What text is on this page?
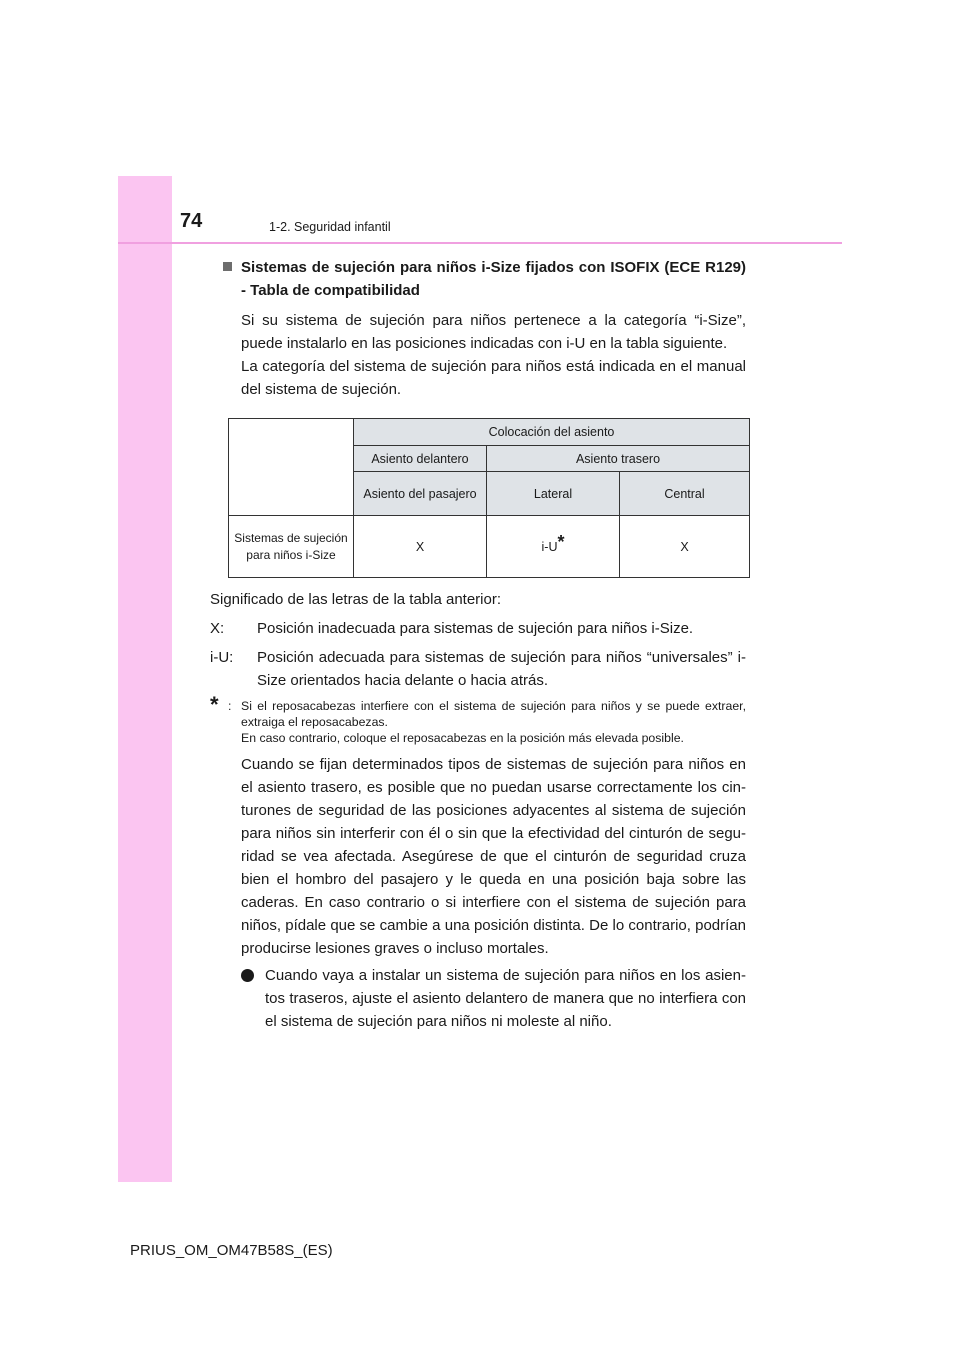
74	1-2. Seguridad infantil
Sistemas de sujeción para niños i-Size fijados con ISOFIX (ECE R129) - Tabla de compatibilidad

Si su sistema de sujeción para niños pertenece a la categoría “i-Size”, puede instalarlo en las posiciones indicadas con i-U en la tabla siguiente.

La categoría del sistema de sujeción para niños está indicada en el manual del sistema de sujeción.

	Colocación del asiento		
	Asiento delantero	Asiento trasero	
	Asiento del pasajero	Lateral	Central
Sistemas de sujeción para niños i-Size	X	i-U*	X

Significado de las letras de la tabla anterior:

X:	Posición inadecuada para sistemas de sujeción para niños i-Size.
i-U:	Posición adecuada para sistemas de sujeción para niños “universales” i-Size orientados hacia delante o hacia atrás.
* : Si el reposacabezas interfiere con el sistema de sujeción para niños y se puede extraer, extraiga el reposacabezas.

En caso contrario, coloque el reposacabezas en la posición más elevada posible.

Cuando se fijan determinados tipos de sistemas de sujeción para niños en el asiento trasero, es posible que no puedan usarse correctamente los cin- turones de seguridad de las posiciones adyacentes al sistema de sujeción para niños sin interferir con él o sin que la efectividad del cinturón de segu- ridad se vea afectada. Asegúrese de que el cinturón de seguridad cruza bien el hombro del pasajero y le queda en una posición baja sobre las caderas. En caso contrario o si interfiere con el sistema de sujeción para niños, pídale que se cambie a una posición distinta. De lo contrario, podrían producirse lesiones graves o incluso mortales.

Cuando vaya a instalar un sistema de sujeción para niños en los asien- tos traseros, ajuste el asiento delantero de manera que no interfiera con el sistema de sujeción para niños ni moleste al niño.
PRIUS_OM_OM47B58S_(ES)
